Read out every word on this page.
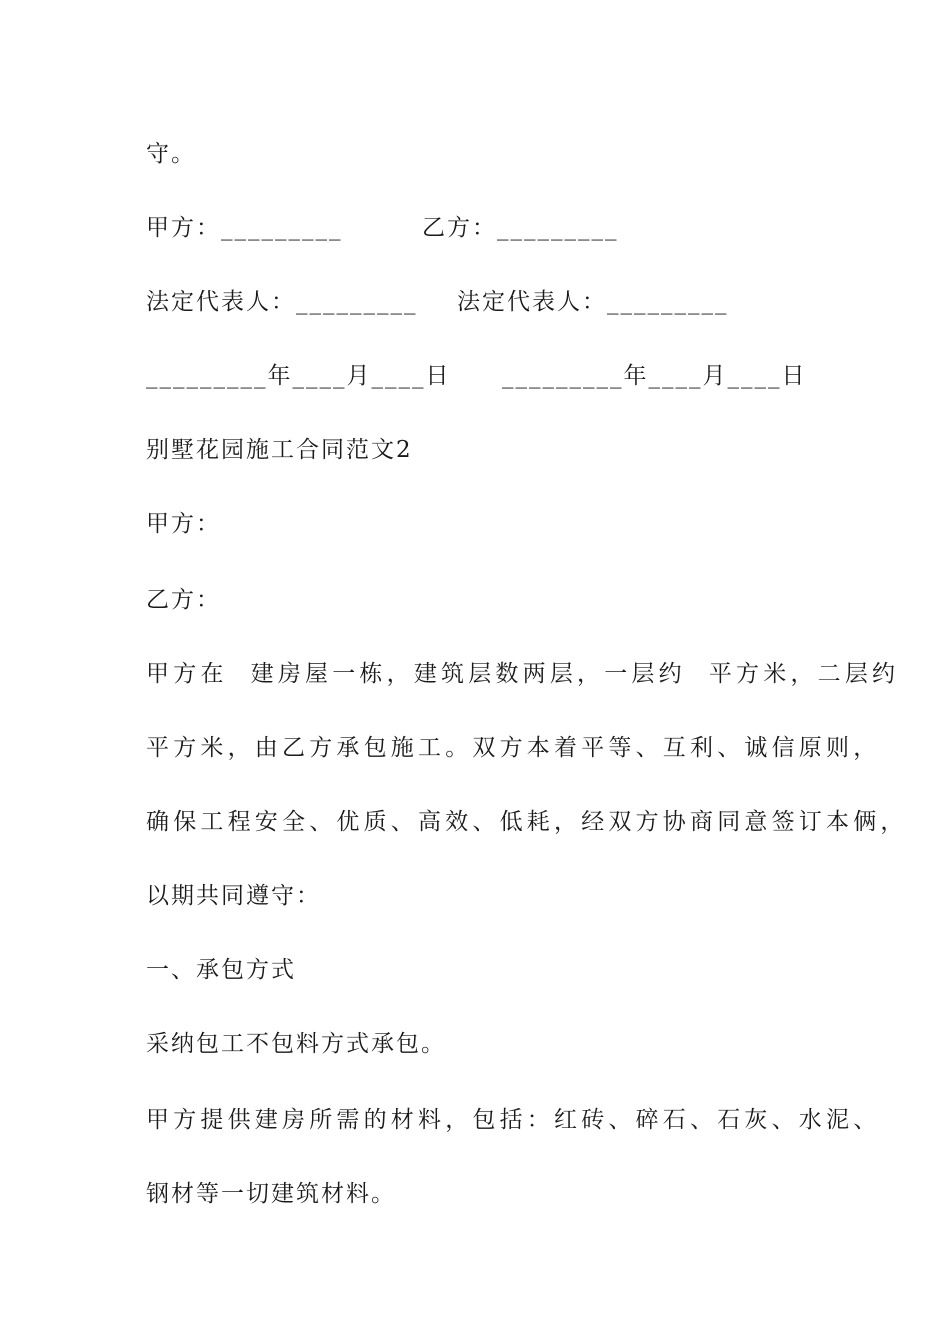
守。

甲方：_________

	乙方：_________

法定代表人：_________

法定代表人：_________

_________年____月____日

_________年____月____日

别墅花园施工合同范文2

甲方：

乙方：

甲方在  建房屋一栋，建筑层数两层，一层约  平方米，二层约

平方米，由乙方承包施工。双方本着平等、互利、诚信原则，

确保工程安全、优质、高效、低耗，经双方协商同意签订本俩，

以期共同遵守：

一、承包方式

采纳包工不包料方式承包。

甲方提供建房所需的材料，包括：红砖、碎石、石灰、水泥、

钢材等一切建筑材料。
